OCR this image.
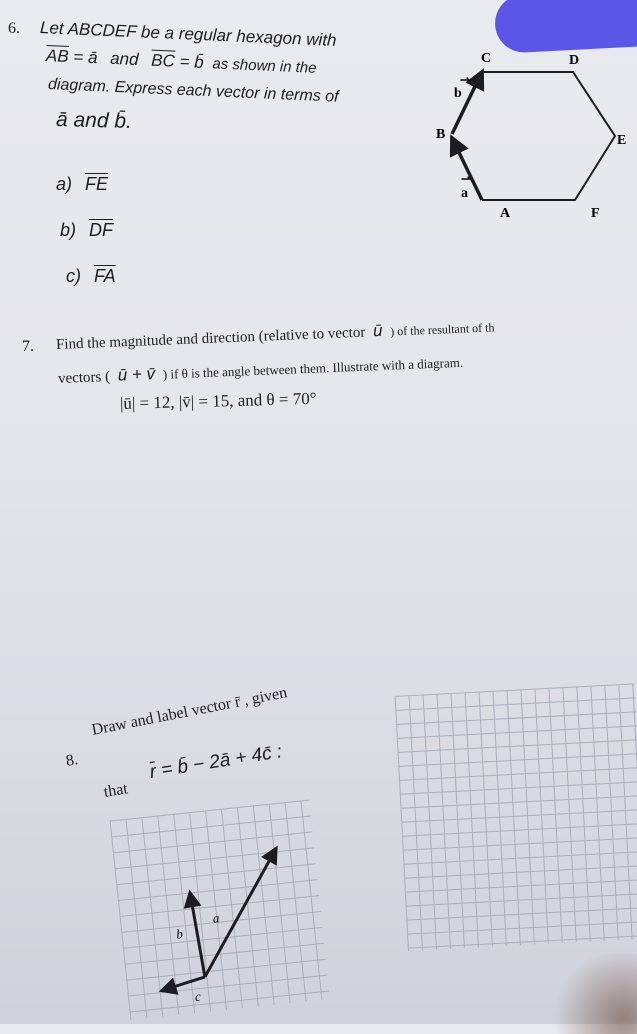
6. Let ABCDEF be a regular hexagon with
$\overline{AB}$ = ā and $\overline{BC}$ = b̄ as shown in the
diagram. Express each vector in terms of
ā and b̄.
a) $\overline{FE}$
b) $\overline{DF}$
c) $\overline{FA}$
C	D
E
F
A
B
b
⇀
a
⇀
7. Find the magnitude and direction (relative to vector ū ) of the resultant of th
vectors ( ū + v̄ ) if θ is the angle between them. Illustrate with a diagram.
|ū| = 12, |v̄| = 15, and θ = 70°
8.
Draw and label vector r̄ , given
that
r̄ = b̄ − 2ā + 4c̄ :
b
a
c
